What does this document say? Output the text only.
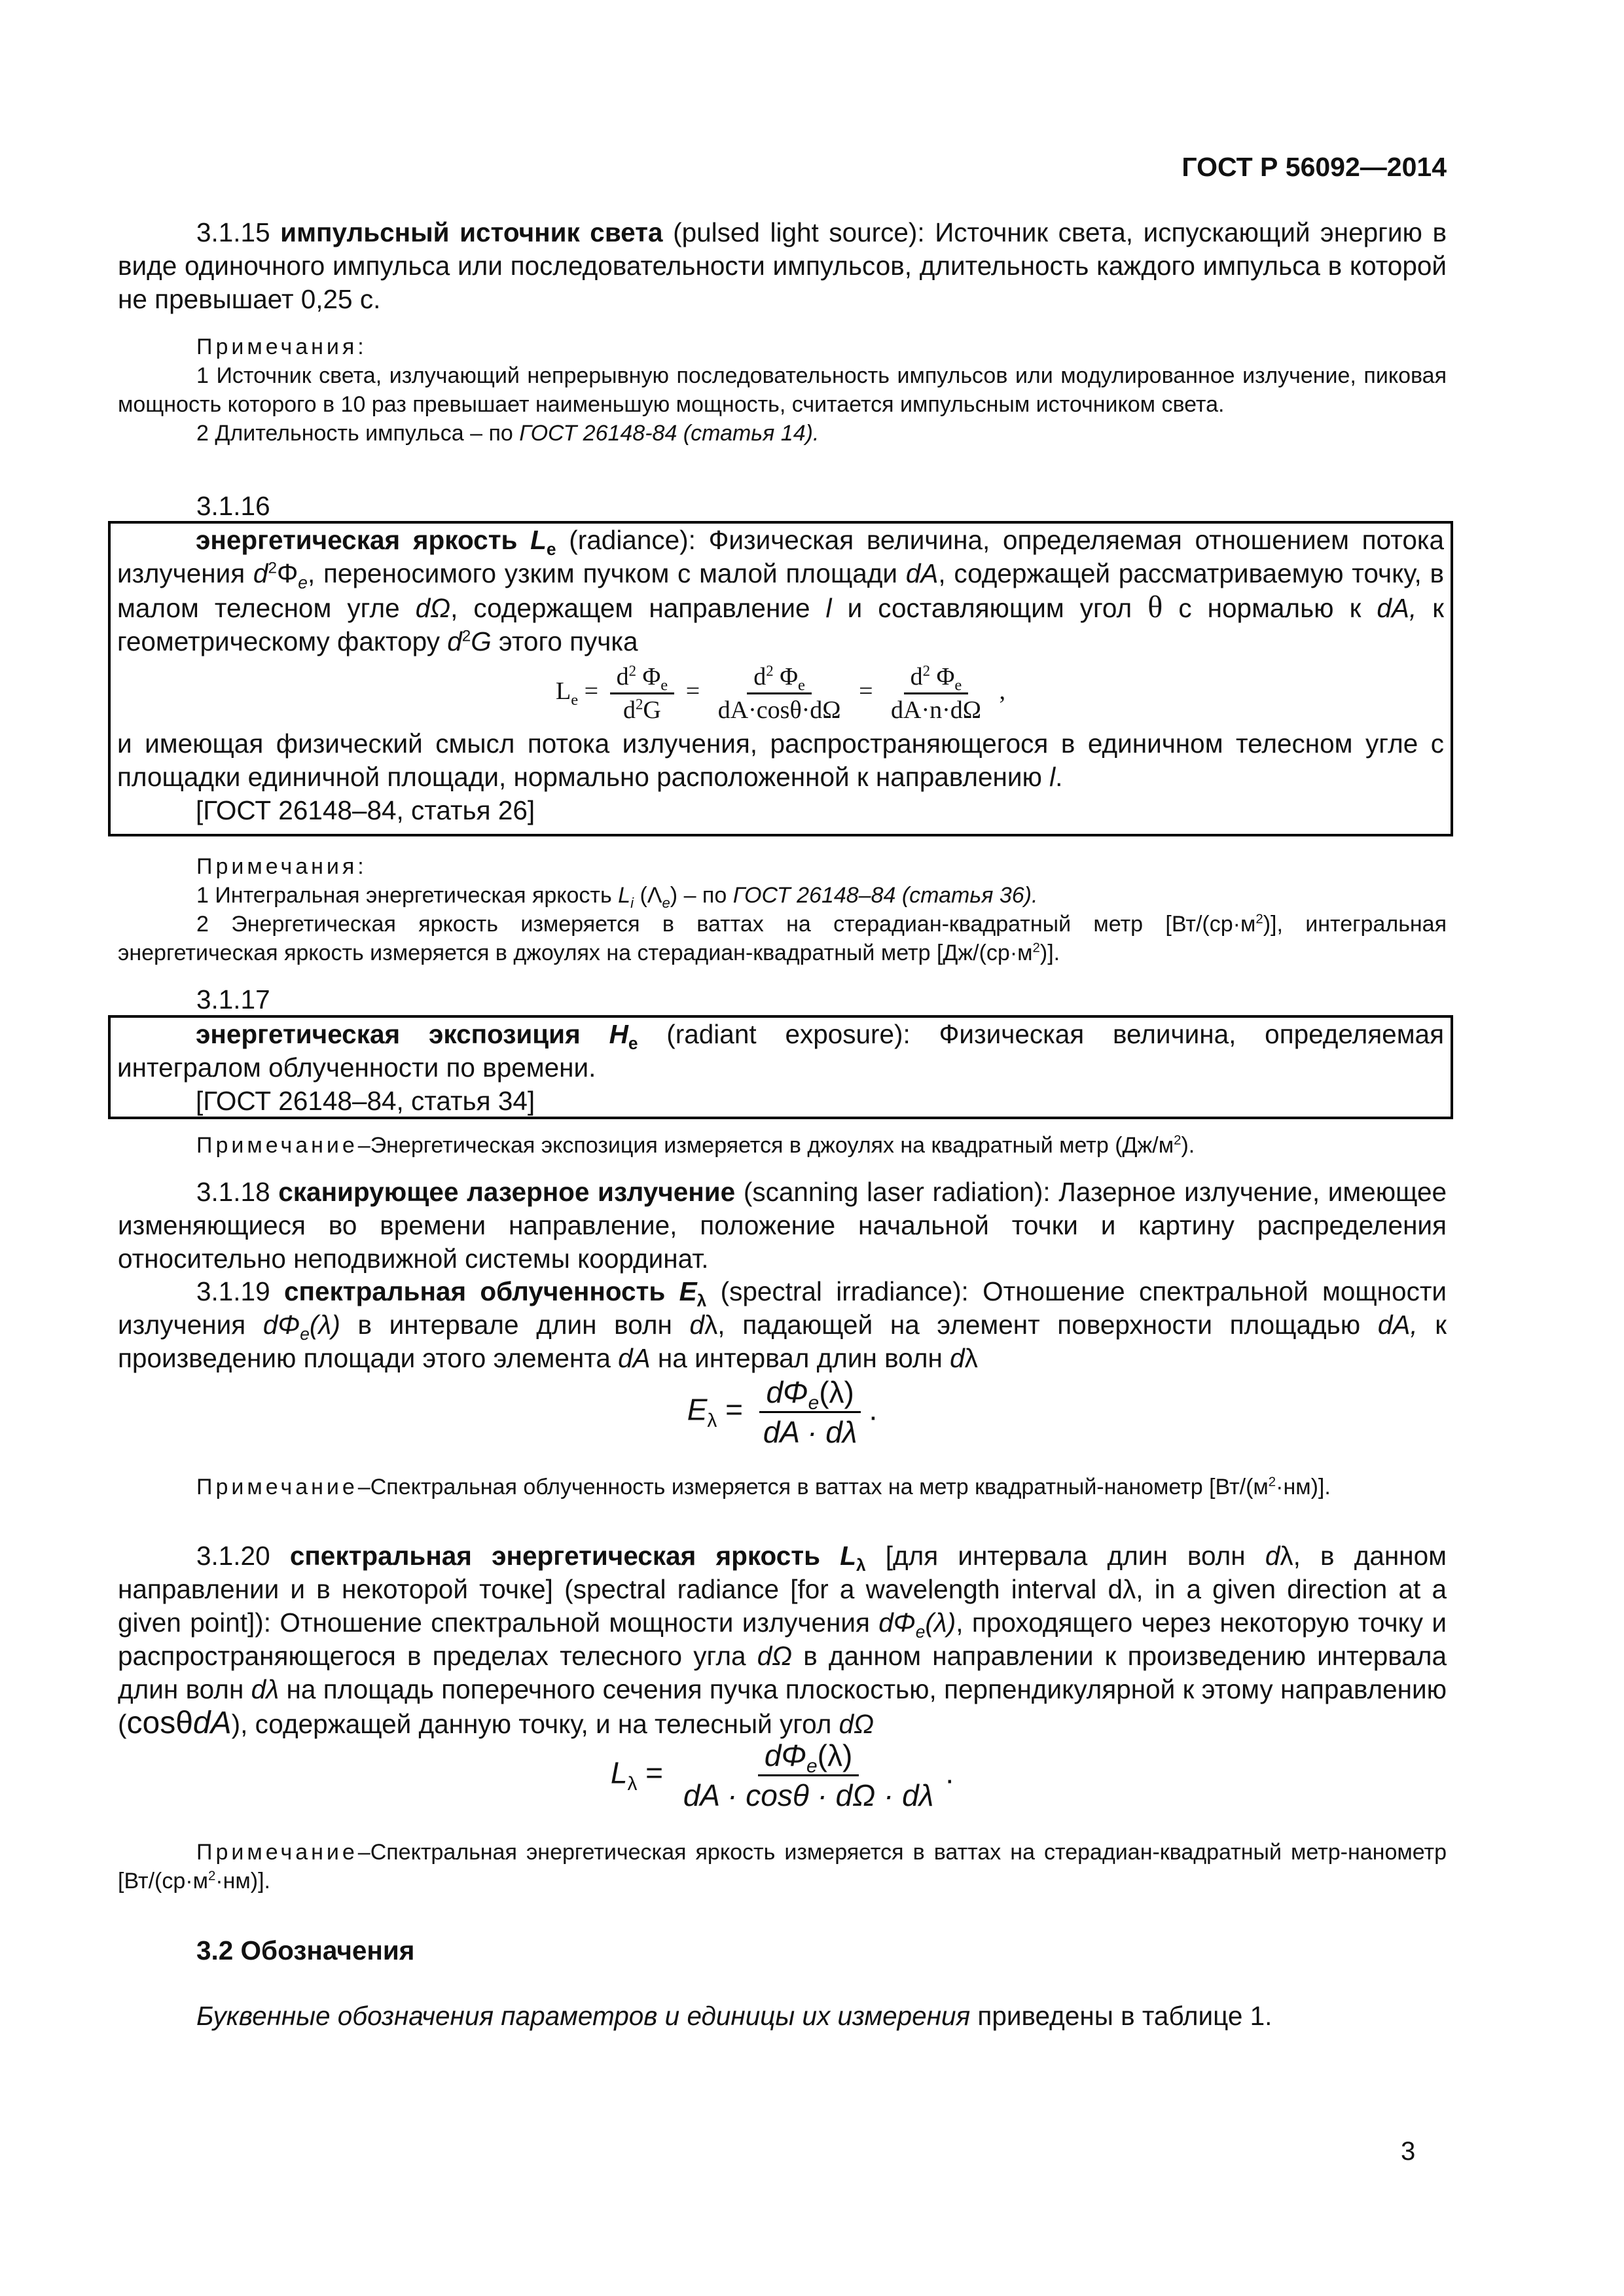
ГОСТ Р 56092—2014
3.1.15 импульсный источник света (pulsed light source): Источник света, испускающий энергию в виде одиночного импульса или последовательности импульсов, длительность каждого импульса в которой не превышает 0,25 с.
Примечания:
1 Источник света, излучающий непрерывную последовательность импульсов или модулированное излучение, пиковая мощность которого в 10 раз превышает наименьшую мощность, считается импульсным источником света.
2 Длительность импульса – по ГОСТ 26148-84 (статья 14).
3.1.16
энергетическая яркость $L_e$ (radiance): Физическая величина, определяемая отношением потока излучения $d^2\Phi_e$, переносимого узким пучком с малой площади dA, содержащей рассматриваемую точку, в малом телесном угле dΩ, содержащем направление l и составляющим угол θ с нормалью к dA, к геометрическому фактору $d^2G$ этого пучка
$L_e = \frac{d^2 \Phi_e}{d^2G} = \frac{d^2 \Phi_e}{dA\cdot\cos\theta\cdot d\Omega} = \frac{d^2 \Phi_e}{dA\cdot n\cdot d\Omega}$ ,
и имеющая физический смысл потока излучения, распространяющегося в единичном телесном угле с площадки единичной площади, нормально расположенной к направлению l.
[ГОСТ 26148–84, статья 26]
Примечания:
1 Интегральная энергетическая яркость $L_i$ $(\Lambda_e)$ – по ГОСТ 26148–84 (статья 36).
2 Энергетическая яркость измеряется в ваттах на стерадиан-квадратный метр $[Вт/(ср\cdot м^2)]$, интегральная энергетическая яркость измеряется в джоулях на стерадиан-квадратный метр $[Дж/(ср\cdot м^2)]$.
3.1.17
энергетическая экспозиция $H_e$ (radiant exposure): Физическая величина, определяемая интегралом облученности по времени.
[ГОСТ 26148–84, статья 34]
Примечание–Энергетическая экспозиция измеряется в джоулях на квадратный метр $(Дж/м^2)$.
3.1.18 сканирующее лазерное излучение (scanning laser radiation): Лазерное излучение, имеющее изменяющиеся во времени направление, положение начальной точки и картину распределения относительно неподвижной системы координат.
3.1.19 спектральная облученность $E_\lambda$ (spectral irradiance): Отношение спектральной мощности излучения $d\Phi_e(\lambda)$ в интервале длин волн dλ, падающей на элемент поверхности площадью dA, к произведению площади этого элемента dA на интервал длин волн dλ
$E_\lambda = \frac{d\Phi_e(\lambda)}{dA \cdot d\lambda}$ .
Примечание–Спектральная облученность измеряется в ваттах на метр квадратный-нанометр $[Вт/(м^2\cdot нм)]$.
3.1.20 спектральная энергетическая яркость $L_\lambda$ [для интервала длин волн dλ, в данном направлении и в некоторой точке] (spectral radiance [for a wavelength interval dλ, in a given direction at a given point]): Отношение спектральной мощности излучения $d\Phi_e(\lambda)$, проходящего через некоторую точку и распространяющегося в пределах телесного угла dΩ в данном направлении к произведению интервала длин волн dλ на площадь поперечного сечения пучка плоскостью, перпендикулярной к этому направлению (cosθdA), содержащей данную точку, и на телесный угол dΩ
$L_\lambda = \frac{d\Phi_e(\lambda)}{dA \cdot \cos\theta \cdot d\Omega \cdot d\lambda}$ .
Примечание–Спектральная энергетическая яркость измеряется в ваттах на стерадиан-квадратный метр-нанометр $[Вт/(ср\cdot м^2\cdot нм)]$.
3.2 Обозначения
Буквенные обозначения параметров и единицы их измерения приведены в таблице 1.
3
